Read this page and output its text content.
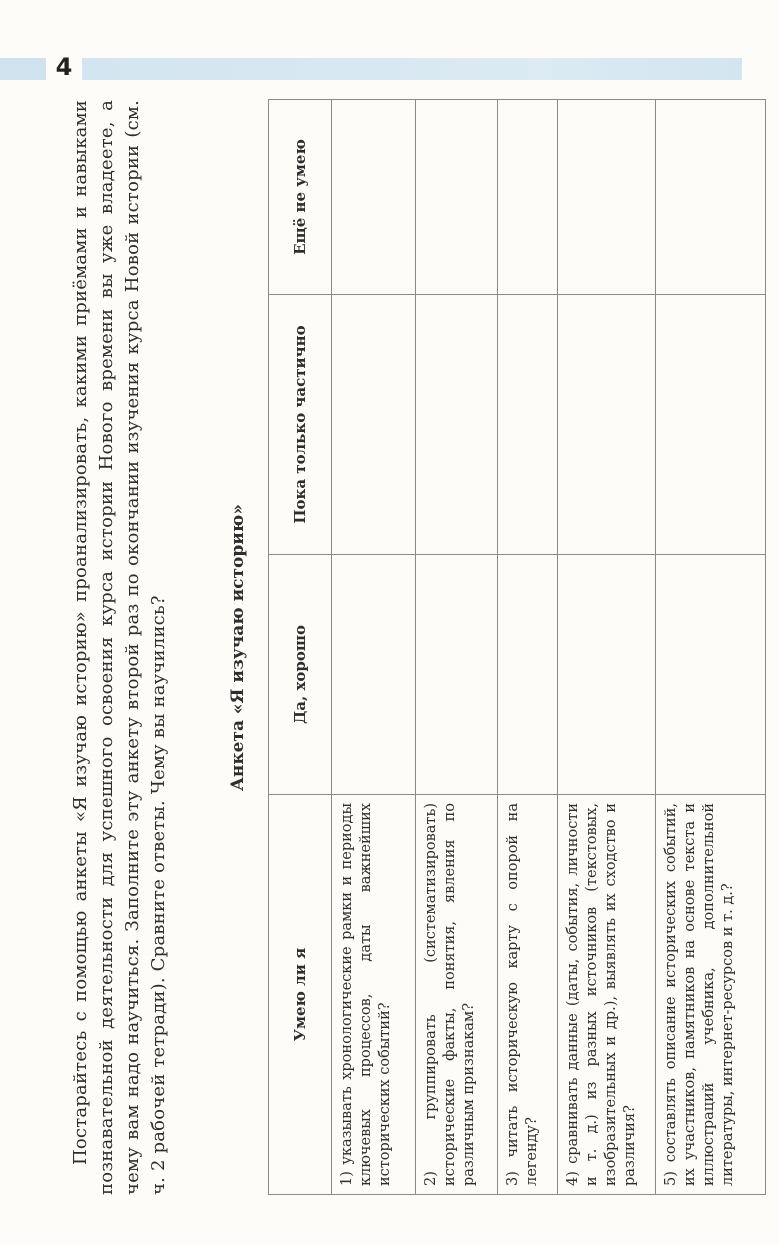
4

Постарайтесь с помощью анкеты «Я изучаю историю» проанализировать, какими приёмами и навыками познавательной деятельности для успешного освоения курса истории Нового времени вы уже владеете, а чему вам надо научиться. Заполните эту анкету второй раз по окончании изучения курса Новой истории (см. ч. 2 рабочей тетради). Сравните ответы. Чему вы научились?	Анкета «Я изучаю историю»
Умею ли я	Да, хорошо	Пока только частично	Ещё не умею
1) указывать хронологические рамки и периоды ключевых процессов, даты важнейших исторических событий?			
2) группировать (систематизировать) исторические факты, понятия, явления по различным признакам?			
3) читать историческую карту с опорой на легенду?			
4) сравнивать данные (даты, события, личности и т. д.) из разных источников (текстовых, изобразительных и др.), выявлять их сходство и различия?			
5) составлять описание исторических событий, их участников, памятников на основе текста и иллюстраций учебника, дополнительной литературы, интернет-ресурсов и т. д.?			
